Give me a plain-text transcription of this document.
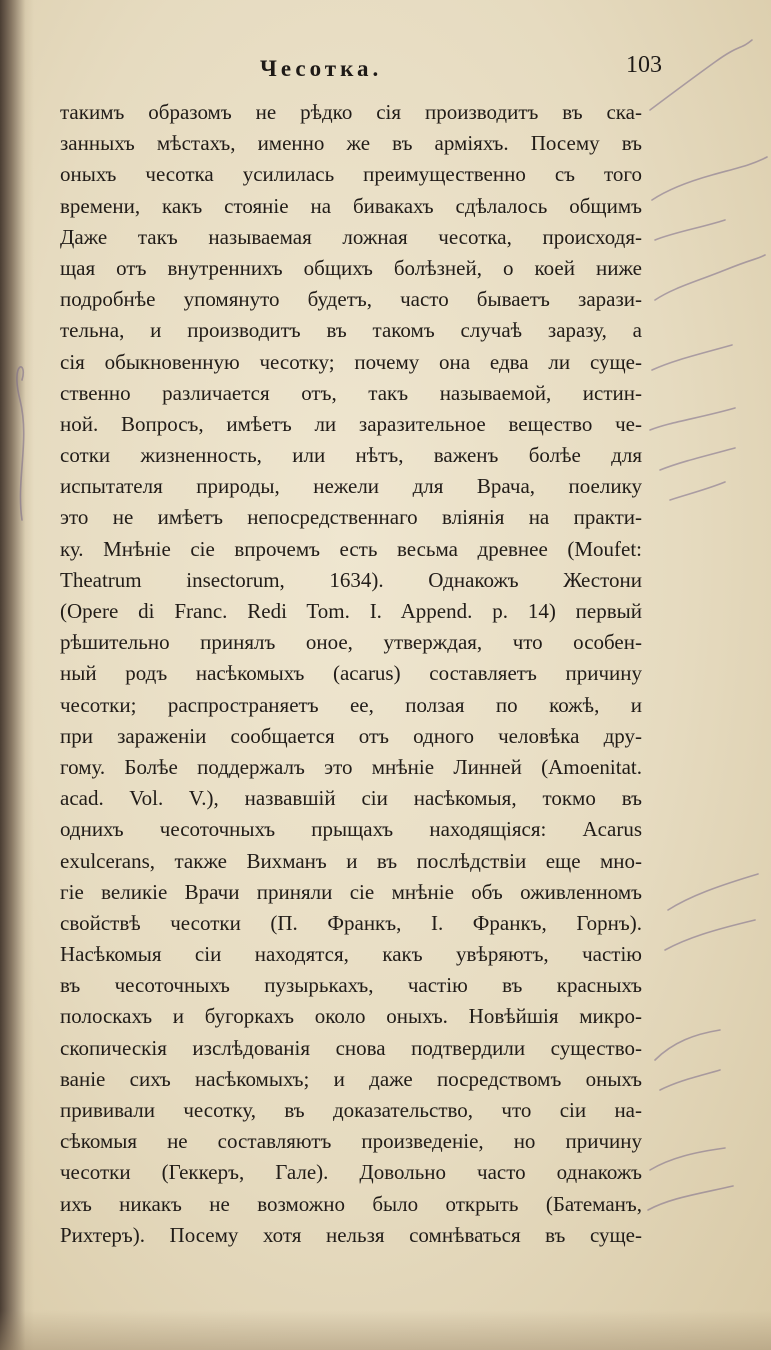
Чесотка.	103
такимъ образомъ не рѣдко сія производитъ въ ска-
занныхъ мѣстахъ, именно же въ арміяхъ. Посему въ
оныхъ чесотка усилилась преимущественно съ того
времени, какъ стояніе на бивакахъ сдѣлалось общимъ
Даже такъ называемая ложная чесотка, происходя-
щая отъ внутреннихъ общихъ болѣзней, о коей ниже
подробнѣе упомянуто будетъ, часто бываетъ зарази-
тельна, и производитъ въ такомъ случаѣ заразу, а
сія обыкновенную чесотку; почему она едва ли суще-
ственно различается отъ, такъ называемой, истин-
ной. Вопросъ, имѣетъ ли заразительное вещество че-
сотки жизненность, или нѣтъ, важенъ болѣе для
испытателя природы, нежели для Врача, поелику
это не имѣетъ непосредственнаго вліянія на практи-
ку. Мнѣніе сіе впрочемъ есть весьма древнее (Moufet:
Theatrum insectorum, 1634). Однакожъ Жестони
(Opere di Franc. Redi Tom. I. Append. p. 14) первый
рѣшительно принялъ оное, утверждая, что особен-
ный родъ насѣкомыхъ (acarus) составляетъ причину
чесотки; распространяетъ ее, ползая по кожѣ, и
при зараженіи сообщается отъ одного человѣка дру-
гому. Болѣе поддержалъ это мнѣніе Линней (Amoenitat.
acad. Vol. V.), назвавшій сіи насѣкомыя, токмо въ
однихъ чесоточныхъ прыщахъ находящіяся: Acarus
exulcerans, также Вихманъ и въ послѣдствіи еще мно-
гіе великіе Врачи приняли сіе мнѣніе объ оживленномъ
свойствѣ чесотки (П. Франкъ, І. Франкъ, Горнъ).
Насѣкомыя сіи находятся, какъ увѣряютъ, частію
въ чесоточныхъ пузырькахъ, частію въ красныхъ
полоскахъ и бугоркахъ около оныхъ. Новѣйшія микро-
скопическія изслѣдованія снова подтвердили существо-
ваніе сихъ насѣкомыхъ; и даже посредствомъ оныхъ
прививали чесотку, въ доказательство, что сіи на-
сѣкомыя не составляютъ произведеніе, но причину
чесотки (Геккеръ, Гале). Довольно часто однакожъ
ихъ никакъ не возможно было открыть (Батеманъ,
Рихтеръ). Посему хотя нельзя сомнѣваться въ суще-
